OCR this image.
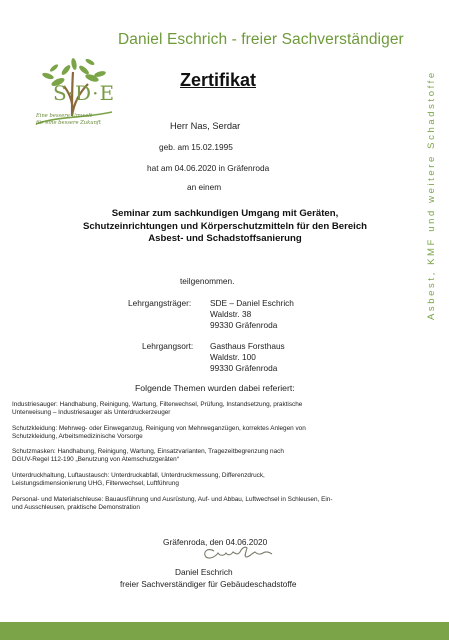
Daniel Eschrich - freier Sachverständiger
Asbest, KMF und weitere Schadstoffe
S·D·E
Eine bessere Umwelt
für eine bessere Zukunft
Zertifikat
Herr Nas, Serdar
geb. am 15.02.1995
hat am 04.06.2020 in Gräfenroda
an einem
Seminar zum sachkundigen Umgang mit Geräten,
Schutzeinrichtungen und Körperschutzmitteln für den Bereich
Asbest- und Schadstoffsanierung
teilgenommen.
Lehrgangsträger: SDE – Daniel Eschrich
Waldstr. 38
99330 Gräfenroda
Lehrgangsort: Gasthaus Forsthaus
Waldstr. 100
99330 Gräfenroda
Folgende Themen wurden dabei referiert:
Industriesauger: Handhabung, Reinigung, Wartung, Filterwechsel, Prüfung, Instandsetzung, praktische
Unterweisung – Industriesauger als Unterdruckerzeuger
Schutzkleidung: Mehrweg- oder Einweganzug, Reinigung von Mehrweganzügen, korrektes Anlegen von
Schutzkleidung, Arbeitsmedizinische Vorsorge
Schutzmasken: Handhabung, Reinigung, Wartung, Einsatzvarianten, Tragezeitbegrenzung nach
DGUV-Regel 112-190 „Benutzung von Atemschutzgeräten“
Unterdruckhaltung, Luftaustausch: Unterdruckabfall, Unterdruckmessung, Differenzdruck,
Leistungsdimensionierung UHG, Filterwechsel, Luftführung
Personal- und Materialschleuse: Bauausführung und Ausrüstung, Auf- und Abbau, Luftwechsel in Schleusen, Ein-
und Ausschleusen, praktische Demonstration
Gräfenroda, den 04.06.2020
Daniel Eschrich
freier Sachverständiger für Gebäudeschadstoffe
